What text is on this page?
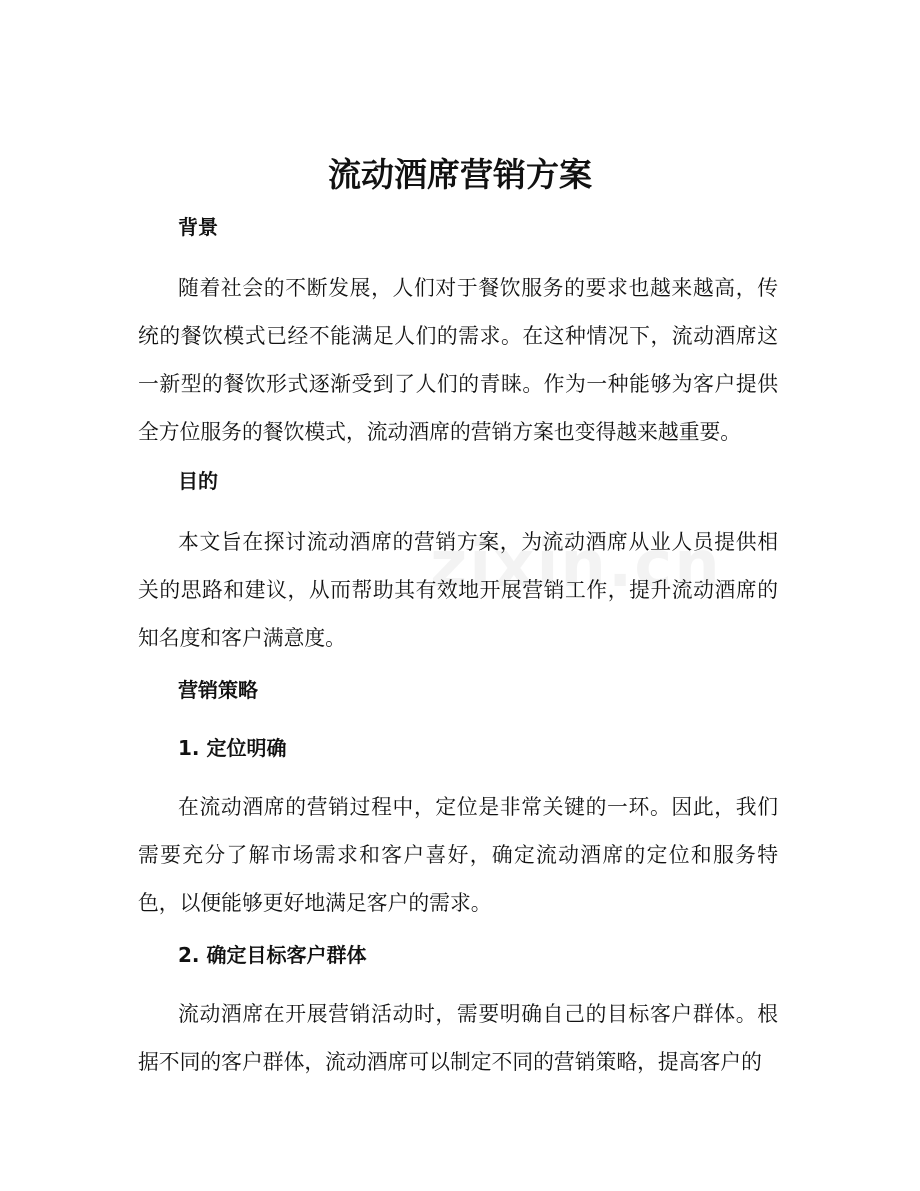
流动酒席营销方案
背景

随着社会的不断发展，人们对于餐饮服务的要求也越来越高，传统的餐饮模式已经不能满足人们的需求。在这种情况下，流动酒席这一新型的餐饮形式逐渐受到了人们的青睐。作为一种能够为客户提供全方位服务的餐饮模式，流动酒席的营销方案也变得越来越重要。

目的

本文旨在探讨流动酒席的营销方案，为流动酒席从业人员提供相关的思路和建议，从而帮助其有效地开展营销工作，提升流动酒席的知名度和客户满意度。

营销策略
1. 定位明确

在流动酒席的营销过程中，定位是非常关键的一环。因此，我们需要充分了解市场需求和客户喜好，确定流动酒席的定位和服务特色，以便能够更好地满足客户的需求。

2. 确定目标客户群体

流动酒席在开展营销活动时，需要明确自己的目标客户群体。根据不同的客户群体，流动酒席可以制定不同的营销策略，提高客户的
